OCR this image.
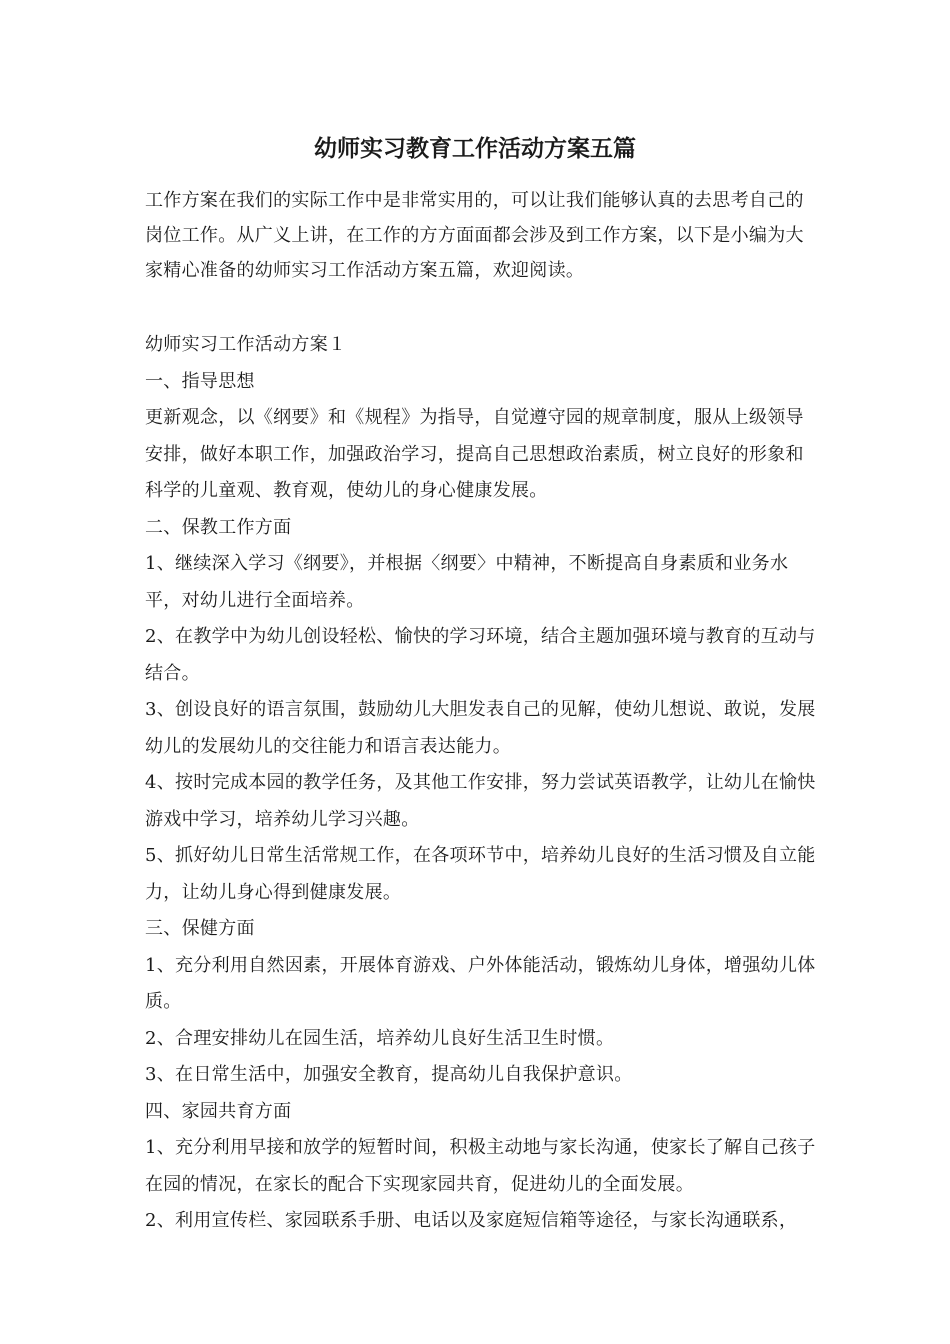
幼师实习教育工作活动方案五篇

工作方案在我们的实际工作中是非常实用的，可以让我们能够认真的去思考自己的岗位工作。从广义上讲，在工作的方方面面都会涉及到工作方案，以下是小编为大家精心准备的幼师实习工作活动方案五篇，欢迎阅读。

幼师实习工作活动方案１

一、指导思想

更新观念，以《纲要》和《规程》为指导，自觉遵守园的规章制度，服从上级领导安排，做好本职工作，加强政治学习，提高自己思想政治素质，树立良好的形象和科学的儿童观、教育观，使幼儿的身心健康发展。

二、保教工作方面

1、继续深入学习《纲要》，并根据〈纲要〉中精神，不断提高自身素质和业务水平，对幼儿进行全面培养。

2、在教学中为幼儿创设轻松、愉快的学习环境，结合主题加强环境与教育的互动与结合。

3、创设良好的语言氛围，鼓励幼儿大胆发表自己的见解，使幼儿想说、敢说，发展幼儿的发展幼儿的交往能力和语言表达能力。

4、按时完成本园的教学任务，及其他工作安排，努力尝试英语教学，让幼儿在愉快游戏中学习，培养幼儿学习兴趣。

5、抓好幼儿日常生活常规工作，在各项环节中，培养幼儿良好的生活习惯及自立能力，让幼儿身心得到健康发展。

三、保健方面

1、充分利用自然因素，开展体育游戏、户外体能活动，锻炼幼儿身体，增强幼儿体质。

2、合理安排幼儿在园生活，培养幼儿良好生活卫生时惯。

3、在日常生活中，加强安全教育，提高幼儿自我保护意识。

四、家园共育方面

1、充分利用早接和放学的短暂时间，积极主动地与家长沟通，使家长了解自己孩子在园的情况，在家长的配合下实现家园共育，促进幼儿的全面发展。

2、利用宣传栏、家园联系手册、电话以及家庭短信箱等途径，与家长沟通联系，
